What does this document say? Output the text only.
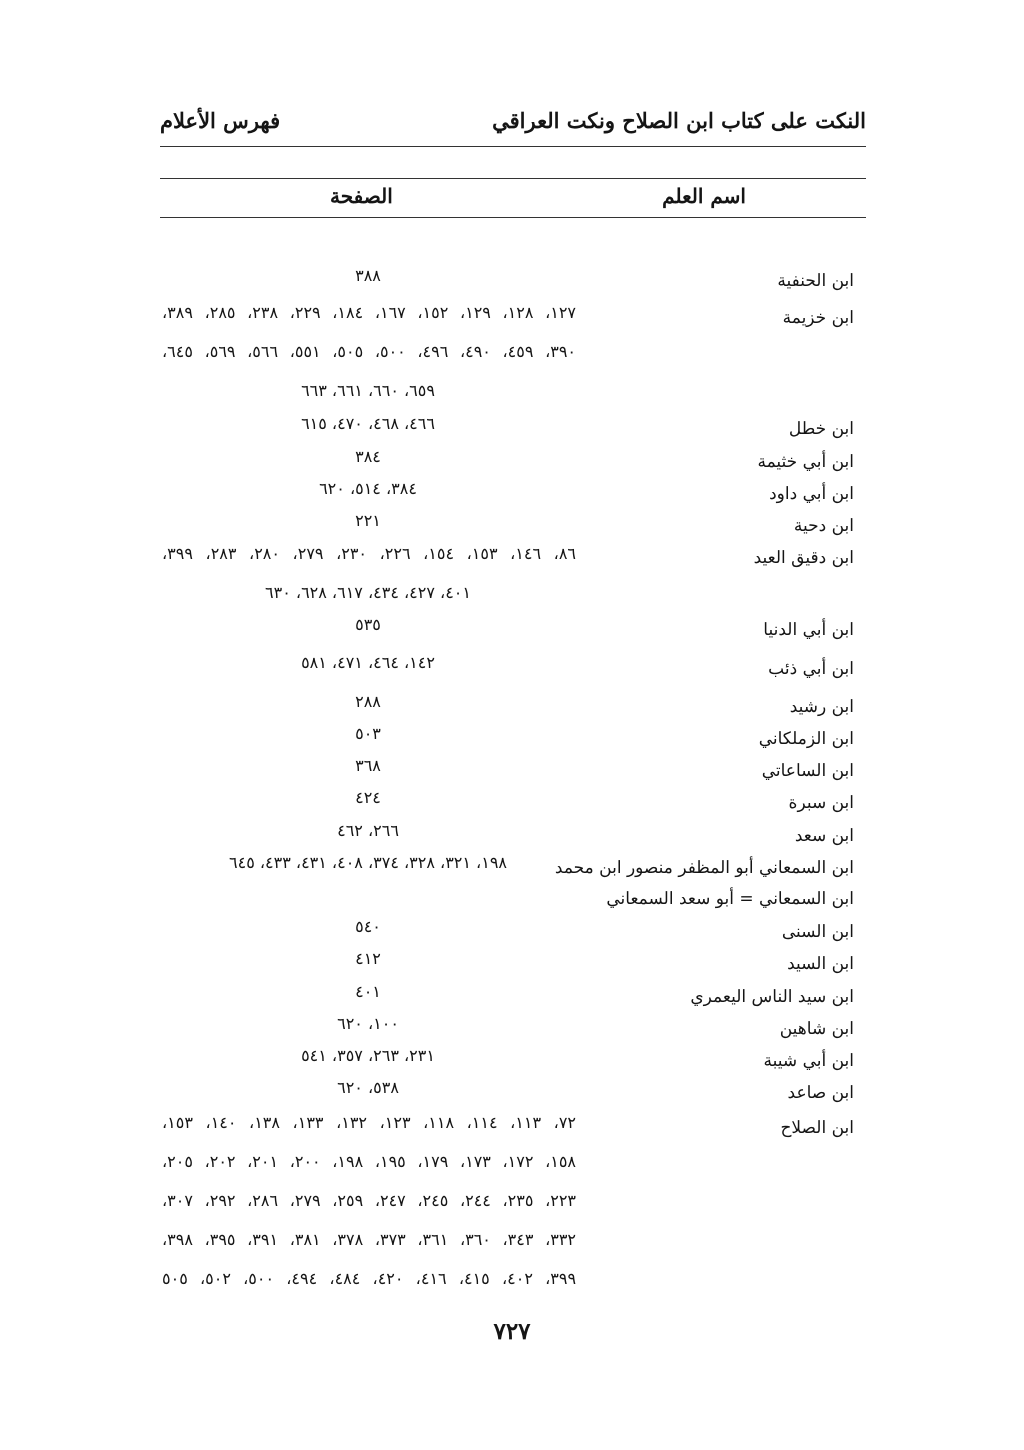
النكت على كتاب ابن الصلاح ونكت العراقي
فهرس الأعلام
اسم العلم
الصفحة
ابن الحنفية
٣٨٨
ابن خزيمة
١٢٧، ١٢٨، ١٢٩، ١٥٢، ١٦٧، ١٨٤، ٢٢٩، ٢٣٨، ٢٨٥، ٣٨٩،
٣٩٠، ٤٥٩، ٤٩٠، ٤٩٦، ٥٠٠، ٥٠٥، ٥٥١، ٥٦٦، ٥٦٩، ٦٤٥،
٦٥٩، ٦٦٠، ٦٦١، ٦٦٣
ابن خطل
٤٦٦، ٤٦٨، ٤٧٠، ٦١٥
ابن أبي خثيمة
٣٨٤
ابن أبي داود
٣٨٤، ٥١٤، ٦٢٠
ابن دحية
٢٢١
ابن دقيق العيد
٨٦، ١٤٦، ١٥٣، ١٥٤، ٢٢٦، ٢٣٠، ٢٧٩، ٢٨٠، ٢٨٣، ٣٩٩،
٤٠١، ٤٢٧، ٤٣٤، ٦١٧، ٦٢٨، ٦٣٠
ابن أبي الدنيا
٥٣٥
ابن أبي ذئب
١٤٢، ٤٦٤، ٤٧١، ٥٨١
ابن رشيد
٢٨٨
ابن الزملكاني
٥٠٣
ابن الساعاتي
٣٦٨
ابن سبرة
٤٢٤
ابن سعد
٢٦٦، ٤٦٢
ابن السمعاني أبو المظفر منصور ابن محمد
١٩٨، ٣٢١، ٣٢٨، ٣٧٤، ٤٠٨، ٤٣١، ٤٣٣، ٦٤٥
ابن السمعاني = أبو سعد السمعاني
ابن السنى
٥٤٠
ابن السيد
٤١٢
ابن سيد الناس اليعمري
٤٠١
ابن شاهين
١٠٠، ٦٢٠
ابن أبي شيبة
٢٣١، ٢٦٣، ٣٥٧، ٥٤١
ابن صاعد
٥٣٨، ٦٢٠
ابن الصلاح
٧٢، ١١٣، ١١٤، ١١٨، ١٢٣، ١٣٢، ١٣٣، ١٣٨، ١٤٠، ١٥٣،
١٥٨، ١٧٢، ١٧٣، ١٧٩، ١٩٥، ١٩٨، ٢٠٠، ٢٠١، ٢٠٢، ٢٠٥،
٢٢٣، ٢٣٥، ٢٤٤، ٢٤٥، ٢٤٧، ٢٥٩، ٢٧٩، ٢٨٦، ٢٩٢، ٣٠٧،
٣٣٢، ٣٤٣، ٣٦٠، ٣٦١، ٣٧٣، ٣٧٨، ٣٨١، ٣٩١، ٣٩٥، ٣٩٨،
٣٩٩، ٤٠٢، ٤١٥، ٤١٦، ٤٢٠، ٤٨٤، ٤٩٤، ٥٠٠، ٥٠٢، ٥٠٥
٧٢٧
